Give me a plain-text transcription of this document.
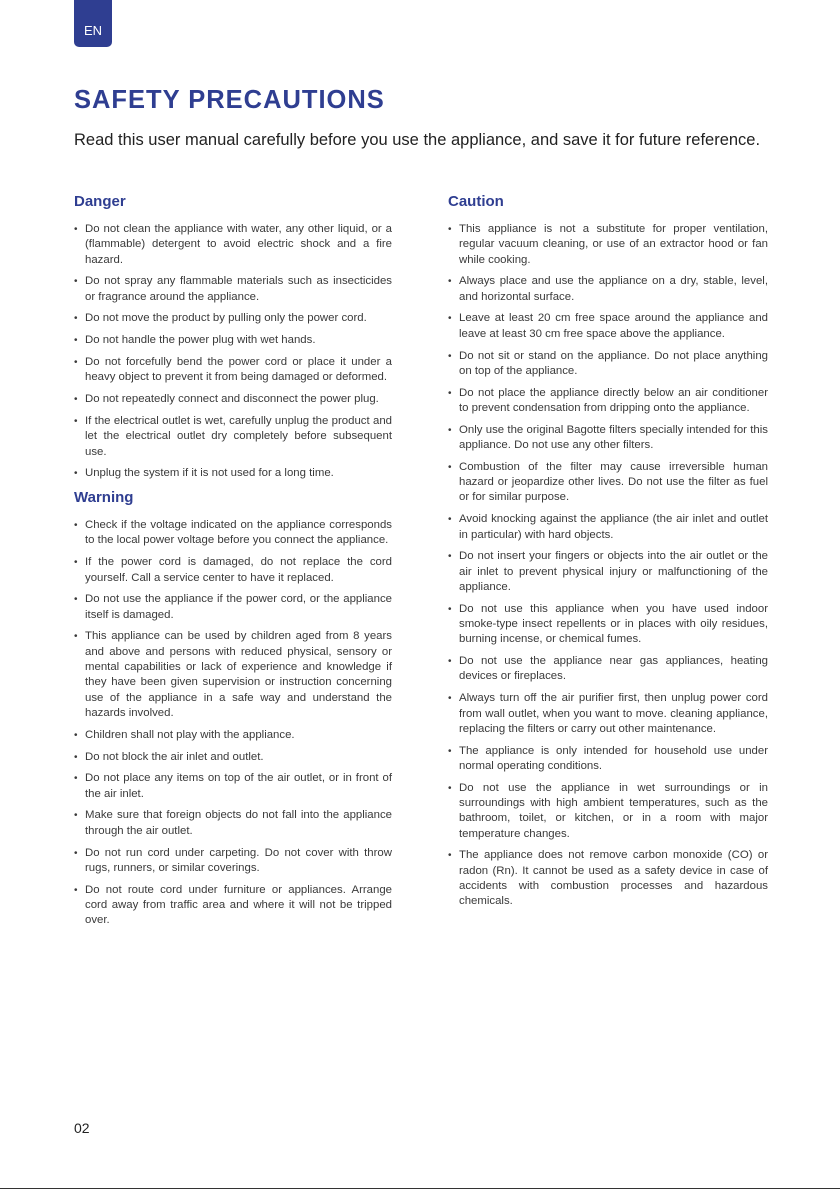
EN
SAFETY PRECAUTIONS

Read this user manual carefully before you use the appliance, and save it for future reference.

Danger
• Do not clean the appliance with water, any other liquid, or a (flammable) detergent to avoid electric shock and a fire hazard.
• Do not spray any flammable materials such as insecticides or fragrance around the appliance.
• Do not move the product by pulling only the power cord.
• Do not handle the power plug with wet hands.
• Do not forcefully bend the power cord or place it under a heavy object to prevent it from being damaged or deformed.
• Do not repeatedly connect and disconnect the power plug.
• If the electrical outlet is wet, carefully unplug the product and let the electrical outlet dry completely before subsequent use.
• Unplug the system if it is not used for a long time.
Warning
• Check if the voltage indicated on the appliance corresponds to the local power voltage before you connect the appliance.
• If the power cord is damaged, do not replace the cord yourself. Call a service center to have it replaced.
• Do not use the appliance if the power cord, or the appliance itself is damaged.
• This appliance can be used by children aged from 8 years and above and persons with reduced physical, sensory or mental capabilities or lack of experience and knowledge if they have been given supervision or instruction concerning use of the appliance in a safe way and understand the hazards involved.
• Children shall not play with the appliance.
• Do not block the air inlet and outlet.
• Do not place any items on top of the air outlet, or in front of the air inlet.
• Make sure that foreign objects do not fall into the appliance through the air outlet.
• Do not run cord under carpeting. Do not cover with throw rugs, runners, or similar coverings.
• Do not route cord under furniture or appliances. Arrange cord away from traffic area and where it will not be tripped over.
Caution
• This appliance is not a substitute for proper ventilation, regular vacuum cleaning, or use of an extractor hood or fan while cooking.
• Always place and use the appliance on a dry, stable, level, and horizontal surface.
• Leave at least 20 cm free space around the appliance and leave at least 30 cm free space above the appliance.
• Do not sit or stand on the appliance. Do not place anything on top of the appliance.
• Do not place the appliance directly below an air conditioner to prevent condensation from dripping onto the appliance.
• Only use the original Bagotte filters specially intended for this appliance. Do not use any other filters.
• Combustion of the filter may cause irreversible human hazard or jeopardize other lives. Do not use the filter as fuel or for similar purpose.
• Avoid knocking against the appliance (the air inlet and outlet in particular) with hard objects.
• Do not insert your fingers or objects into the air outlet or the air inlet to prevent physical injury or malfunctioning of the appliance.
• Do not use this appliance when you have used indoor smoke-type insect repellents or in places with oily residues, burning incense, or chemical fumes.
• Do not use the appliance near gas appliances, heating devices or fireplaces.
• Always turn off the air purifier first, then unplug power cord from wall outlet, when you want to move. cleaning appliance, replacing the filters or carry out other maintenance.
• The appliance is only intended for household use under normal operating conditions.
• Do not use the appliance in wet surroundings or in surroundings with high ambient temperatures, such as the bathroom, toilet, or kitchen, or in a room with major temperature changes.
• The appliance does not remove carbon monoxide (CO) or radon (Rn). It cannot be used as a safety device in case of accidents with combustion processes and hazardous chemicals.
02
